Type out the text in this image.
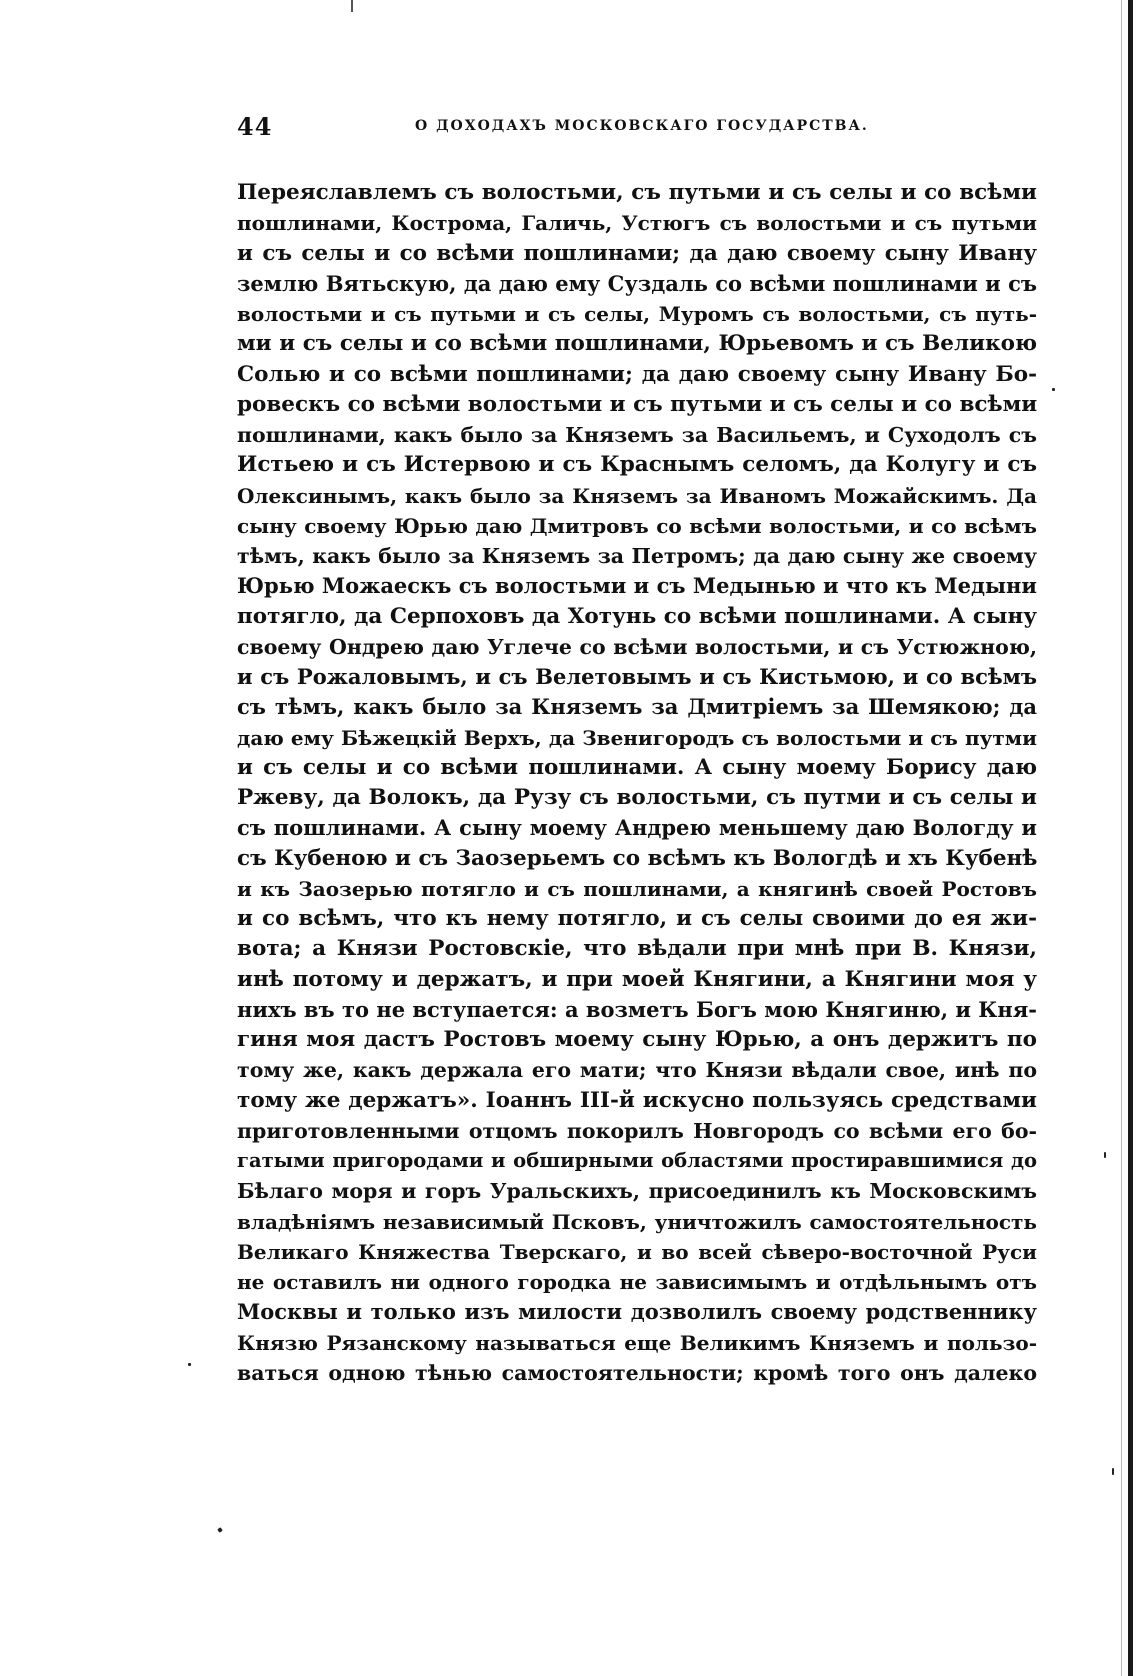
44	О ДОХОДАХЪ МОСКОВСКАГО ГОСУДАРСТВА.
Переяславлемъ съ волостьми, съ путьми и съ селы и со всѣми
пошлинами, Кострома, Галичь, Устюгъ съ волостьми и съ путьми
и съ селы и со всѣми пошлинами; да даю своему сыну Ивану
землю Вятьскую, да даю ему Суздаль со всѣми пошлинами и съ
волостьми и съ путьми и съ селы, Муромъ съ волостьми, съ путь-
ми и съ селы и со всѣми пошлинами, Юрьевомъ и съ Великою
Солью и со всѣми пошлинами; да даю своему сыну Ивану Бо-
ровескъ со всѣми волостьми и съ путьми и съ селы и со всѣми
пошлинами, какъ было за Княземъ за Васильемъ, и Суходолъ съ
Истьею и съ Истервою и съ Краснымъ селомъ, да Колугу и съ
Олексинымъ, какъ было за Княземъ за Иваномъ Можайскимъ. Да
сыну своему Юрью даю Дмитровъ со всѣми волостьми, и со всѣмъ
тѣмъ, какъ было за Княземъ за Петромъ; да даю сыну же своему
Юрью Можаескъ съ волостьми и съ Медынью и что къ Медыни
потягло, да Серпоховъ да Хотунь со всѣми пошлинами. А сыну
своему Ондрею даю Углече со всѣми волостьми, и съ Устюжною,
и съ Рожаловымъ, и съ Велетовымъ и съ Кистьмою, и со всѣмъ
съ тѣмъ, какъ было за Княземъ за Дмитріемъ за Шемякою; да
даю ему Бѣжецкій Верхъ, да Звенигородъ съ волостьми и съ путми
и съ селы и со всѣми пошлинами. А сыну моему Борису даю
Ржеву, да Волокъ, да Рузу съ волостьми, съ путми и съ селы и
съ пошлинами. А сыну моему Андрею меньшему даю Вологду и
съ Кубеною и съ Заозерьемъ со всѣмъ къ Вологдѣ и хъ Кубенѣ
и къ Заозерью потягло и съ пошлинами, а княгинѣ своей Ростовъ
и со всѣмъ, что къ нему потягло, и съ селы своими до ея жи-
вота; а Князи Ростовскіе, что вѣдали при мнѣ при В. Князи,
инѣ потому и держатъ, и при моей Княгини, а Княгини моя у
нихъ въ то не вступается: а возметъ Богъ мою Княгиню, и Кня-
гиня моя дастъ Ростовъ моему сыну Юрью, а онъ держитъ по
тому же, какъ держала его мати; что Князи вѣдали свое, инѣ по
тому же держатъ». Іоаннъ III-й искусно пользуясь средствами
приготовленными отцомъ покорилъ Новгородъ со всѣми его бо-
гатыми пригородами и обширными областями простиравшимися до
Бѣлаго моря и горъ Уральскихъ, присоединилъ къ Московскимъ
владѣніямъ независимый Псковъ, уничтожилъ самостоятельность
Великаго Княжества Тверскаго, и во всей сѣверо-восточной Руси
не оставилъ ни одного городка не зависимымъ и отдѣльнымъ отъ
Москвы и только изъ милости дозволилъ своему родственнику
Князю Рязанскому называться еще Великимъ Княземъ и пользо-
ваться одною тѣнью самостоятельности; кромѣ того онъ далеко
